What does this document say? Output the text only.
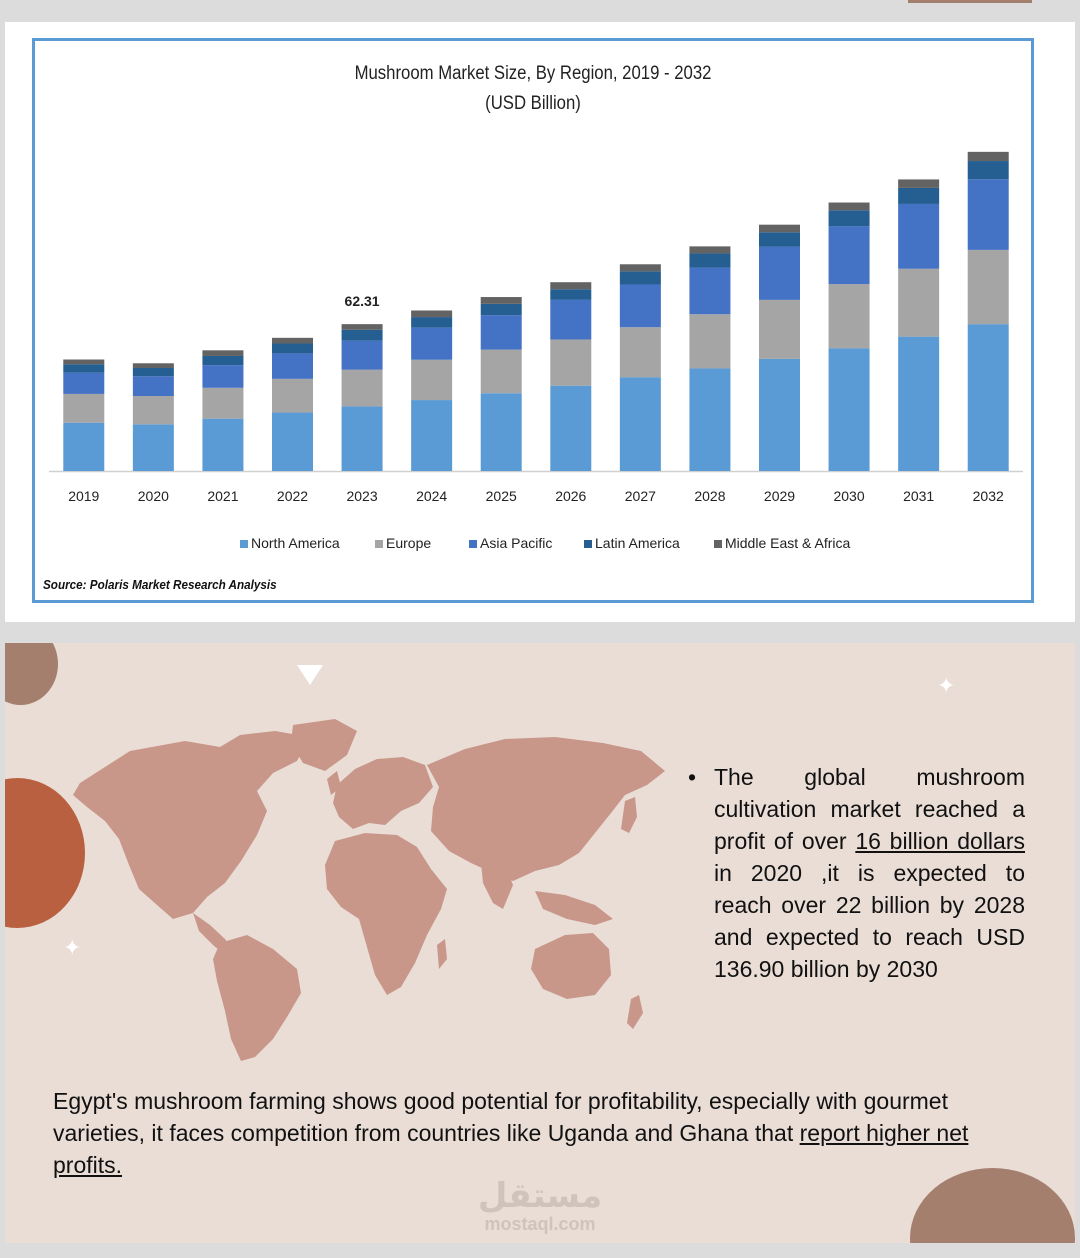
Mushroom Market Size, By Region, 2019 - 2032
(USD Billion)
2019	2020	2021	2022	2023
62.31
2024	2025	2026	2027	2028	2029	2030	2031	2032
North America	Europe	Asia Pacific	Latin America	Middle East & Africa
Source: Polaris Market Research Analysis
✦
✦
• The global mushroom cultivation market reached a profit of over 16 billion dollars in 2020 ,it is expected to reach over 22 billion by 2028 and expected to reach USD 136.90 billion by 2030
Egypt's mushroom farming shows good potential for profitability, especially with gourmet varieties, it faces competition from countries like Uganda and Ghana that report higher net profits.
مستقل
mostaql.com
